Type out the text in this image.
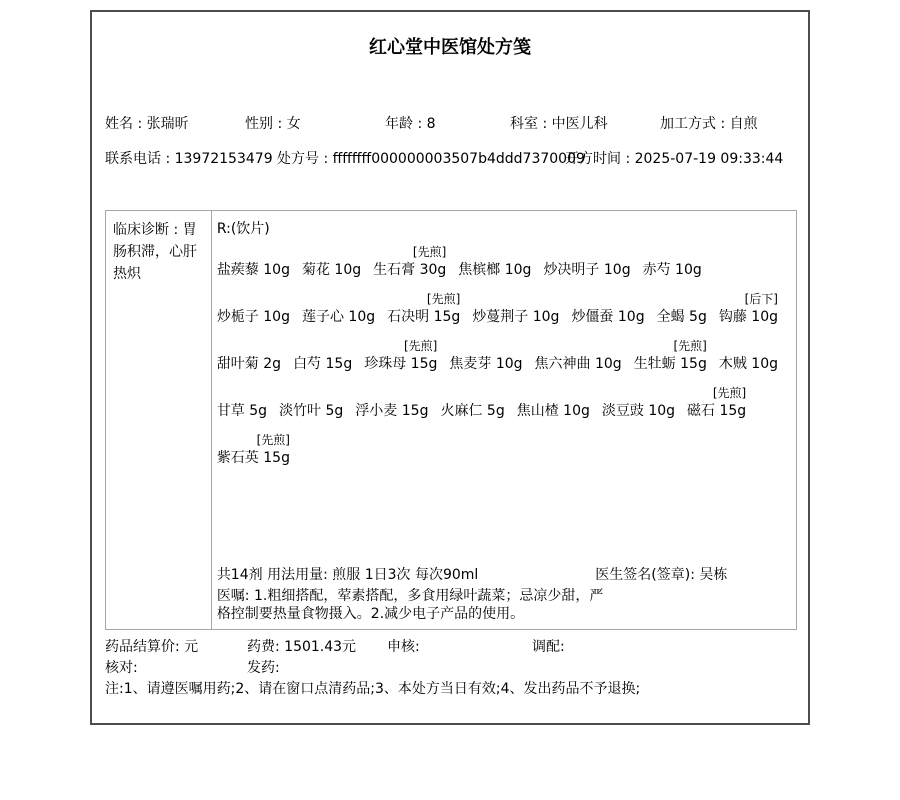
红心堂中医馆处方笺
姓名 : 张瑞昕	性别 : 女	年龄 : 8	科室 : 中医儿科	加工方式 : 自煎
联系电话 : 13972153479 处方号 : ffffffff000000003507b4ddd7370009开方时间 : 2025-07-19 09:33:44
临床诊断 : 胃肠积滞，心肝热炽
R:(饮片)
盐蒺藜 10g 菊花 10g
[先煎]
生石膏 30g 焦槟榔 10g 炒决明子 10g 赤芍 10g
炒栀子 10g 莲子心 10g
[先煎]
石决明 15g 炒蔓荆子 10g 炒僵蚕 10g 全蝎 5g
[后下]
钩藤 10g
甜叶菊 2g 白芍 15g
[先煎]
珍珠母 15g 焦麦芽 10g 焦六神曲 10g
[先煎]
生牡蛎 15g 木贼 10g
甘草 5g 淡竹叶 5g 浮小麦 15g 火麻仁 5g 焦山楂 10g 淡豆豉 10g
[先煎]
磁石 15g
[先煎]
紫石英 15g
共14剂 用法用量: 煎服 1日3次 每次90ml	医生签名(签章): 吴栋
医嘱: 1.粗细搭配，荤素搭配，多食用绿叶蔬菜；忌凉少甜，严格控制要热量食物摄入。2.减少电子产品的使用。
药品结算价: 元	药费: 1501.43元 申核:	调配:
核对:	发药:
注:1、请遵医嘱用药;2、请在窗口点清药品;3、本处方当日有效;4、发出药品不予退换;
